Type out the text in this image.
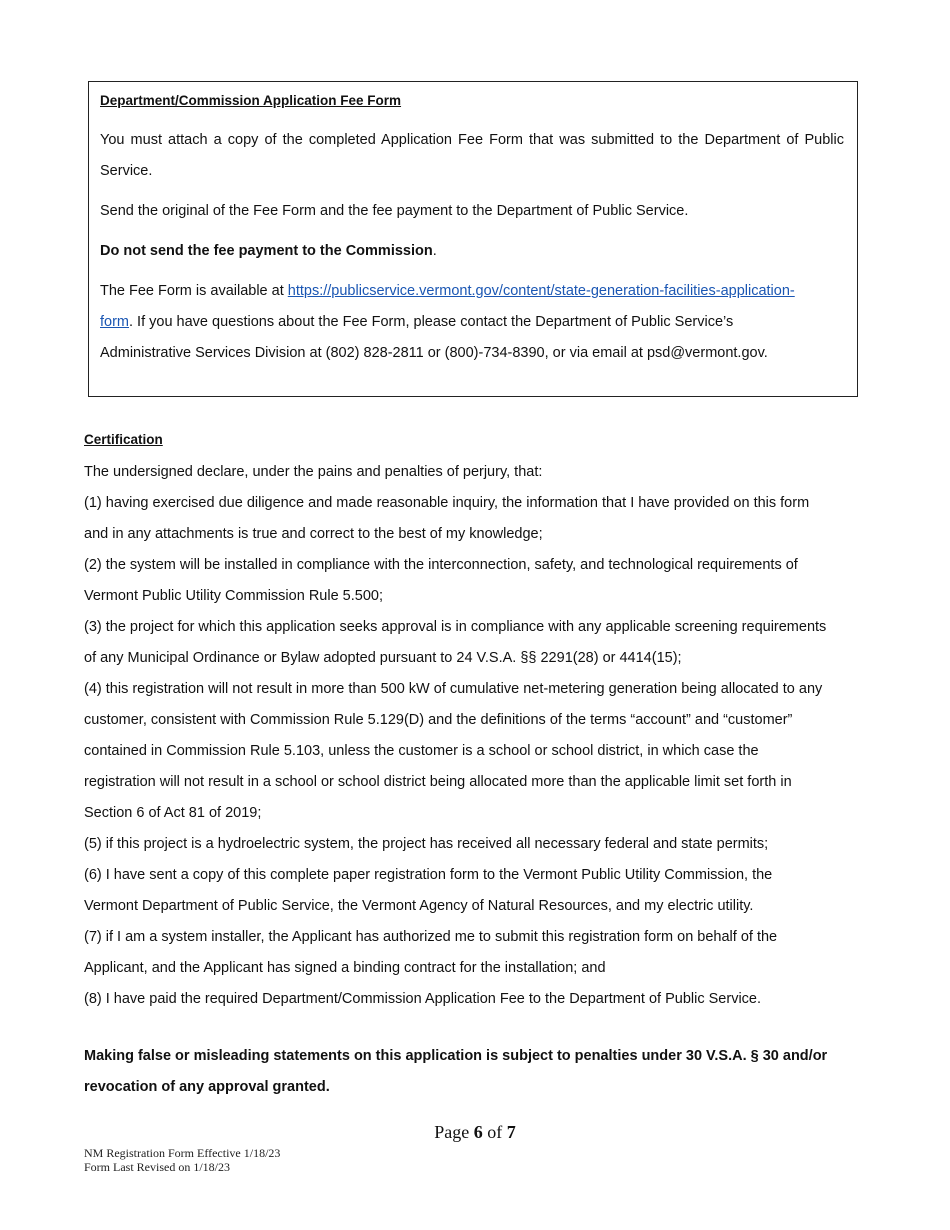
Department/Commission Application Fee Form
You must attach a copy of the completed Application Fee Form that was submitted to the Department of Public
Service.
Send the original of the Fee Form and the fee payment to the Department of Public Service.
Do not send the fee payment to the Commission.
The Fee Form is available at https://publicservice.vermont.gov/content/state-generation-facilities-application-
form. If you have questions about the Fee Form, please contact the Department of Public Service’s
Administrative Services Division at (802) 828-2811 or (800)-734-8390, or via email at psd@vermont.gov.
Certification
The undersigned declare, under the pains and penalties of perjury, that:
(1) having exercised due diligence and made reasonable inquiry, the information that I have provided on this form
and in any attachments is true and correct to the best of my knowledge;
(2) the system will be installed in compliance with the interconnection, safety, and technological requirements of
Vermont Public Utility Commission Rule 5.500;
(3) the project for which this application seeks approval is in compliance with any applicable screening requirements
of any Municipal Ordinance or Bylaw adopted pursuant to 24 V.S.A. §§ 2291(28) or 4414(15);
(4) this registration will not result in more than 500 kW of cumulative net-metering generation being allocated to any
customer, consistent with Commission Rule 5.129(D) and the definitions of the terms “account” and “customer”
contained in Commission Rule 5.103, unless the customer is a school or school district, in which case the
registration will not result in a school or school district being allocated more than the applicable limit set forth in
Section 6 of Act 81 of 2019;
(5) if this project is a hydroelectric system, the project has received all necessary federal and state permits;
(6) I have sent a copy of this complete paper registration form to the Vermont Public Utility Commission, the
Vermont Department of Public Service, the Vermont Agency of Natural Resources, and my electric utility.
(7) if I am a system installer, the Applicant has authorized me to submit this registration form on behalf of the
Applicant, and the Applicant has signed a binding contract for the installation; and
(8) I have paid the required Department/Commission Application Fee to the Department of Public Service.
Making false or misleading statements on this application is subject to penalties under 30 V.S.A. § 30 and/or
revocation of any approval granted.
Page 6 of 7
NM Registration Form Effective 1/18/23
Form Last Revised on 1/18/23
